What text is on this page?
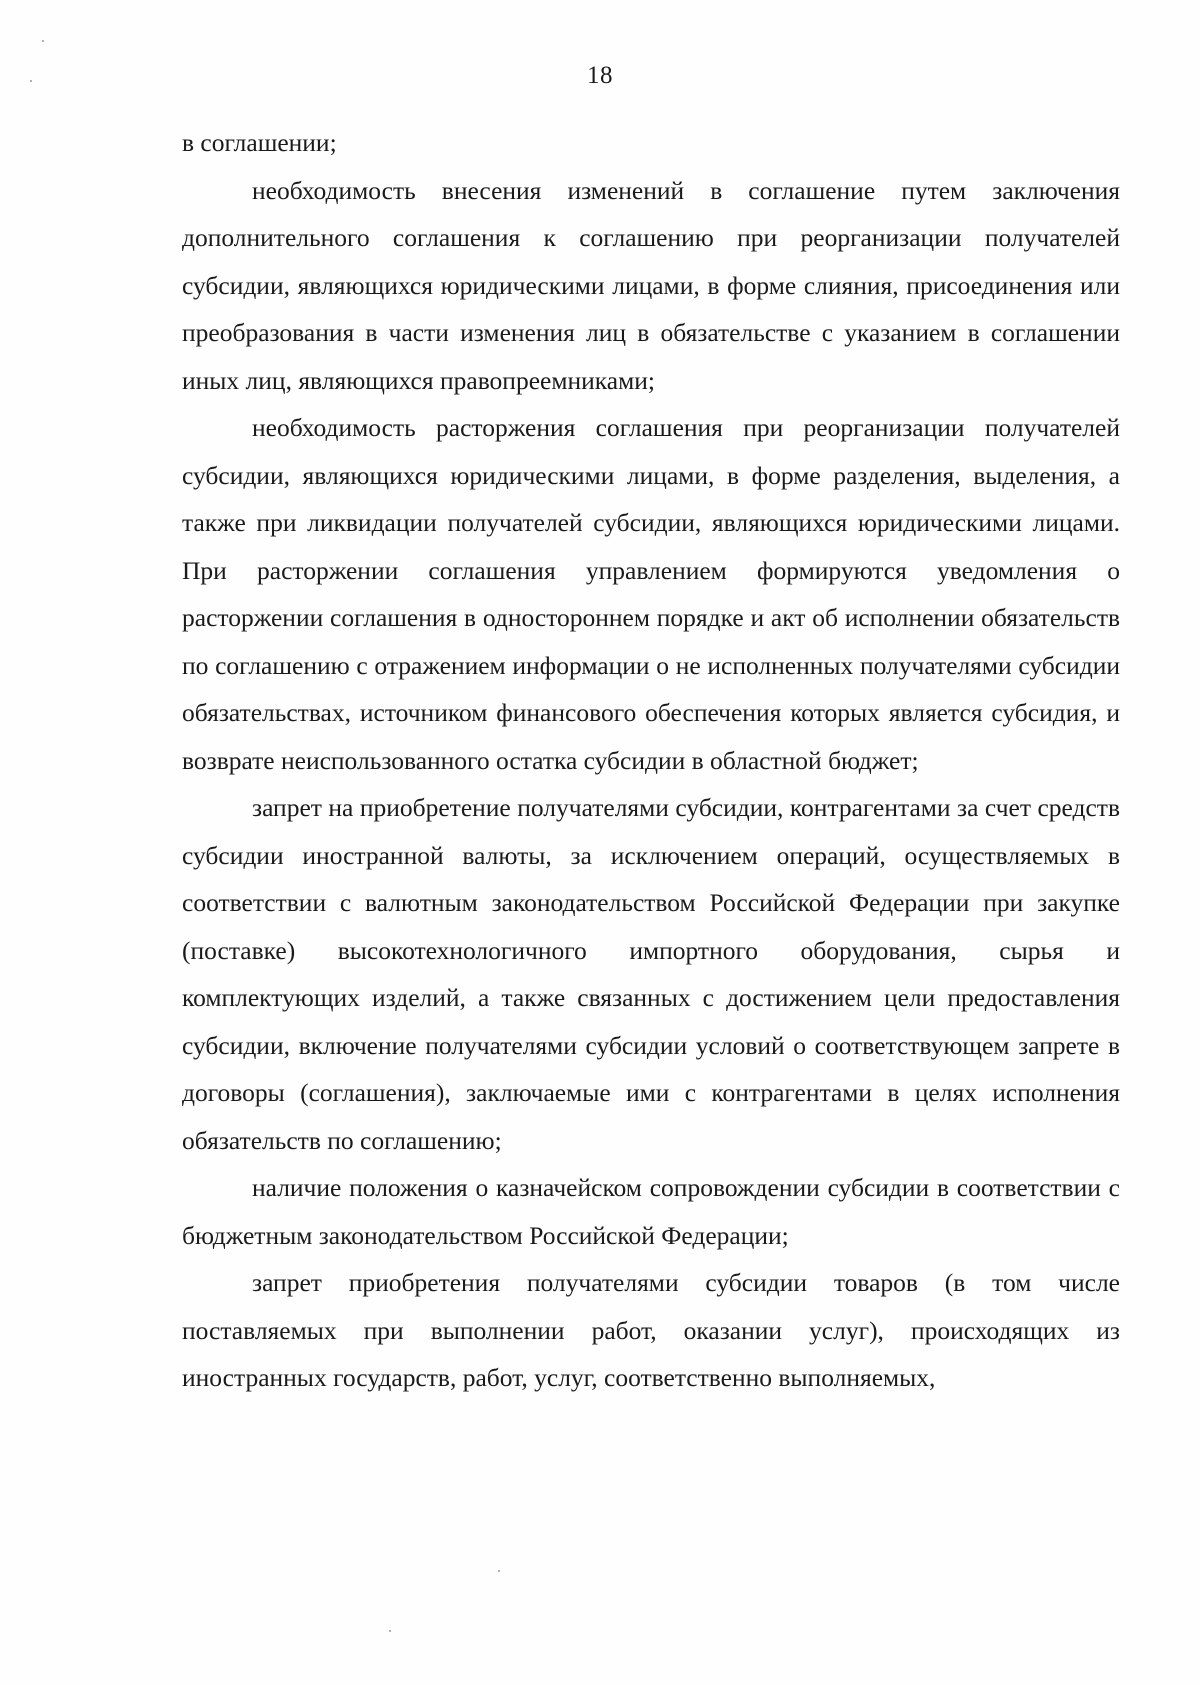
18

в соглашении;

необходимость внесения изменений в соглашение путем заключения дополнительного соглашения к соглашению при реорганизации получателей субсидии, являющихся юридическими лицами, в форме слияния, присоединения или преобразования в части изменения лиц в обязательстве с указанием в соглашении иных лиц, являющихся правопреемниками;

необходимость расторжения соглашения при реорганизации получателей субсидии, являющихся юридическими лицами, в форме разделения, выделения, а также при ликвидации получателей субсидии, являющихся юридическими лицами. При расторжении соглашения управлением формируются уведомления о расторжении соглашения в одностороннем порядке и акт об исполнении обязательств по соглашению с отражением информации о не исполненных получателями субсидии обязательствах, источником финансового обеспечения которых является субсидия, и возврате неиспользованного остатка субсидии в областной бюджет;

запрет на приобретение получателями субсидии, контрагентами за счет средств субсидии иностранной валюты, за исключением операций, осуществляемых в соответствии с валютным законодательством Российской Федерации при закупке (поставке) высокотехнологичного импортного оборудования, сырья и комплектующих изделий, а также связанных с достижением цели предоставления субсидии, включение получателями субсидии условий о соответствующем запрете в договоры (соглашения), заключаемые ими с контрагентами в целях исполнения обязательств по соглашению;

наличие положения о казначейском сопровождении субсидии в соответствии с бюджетным законодательством Российской Федерации;

запрет приобретения получателями субсидии товаров (в том числе поставляемых при выполнении работ, оказании услуг), происходящих из иностранных государств, работ, услуг, соответственно выполняемых,
